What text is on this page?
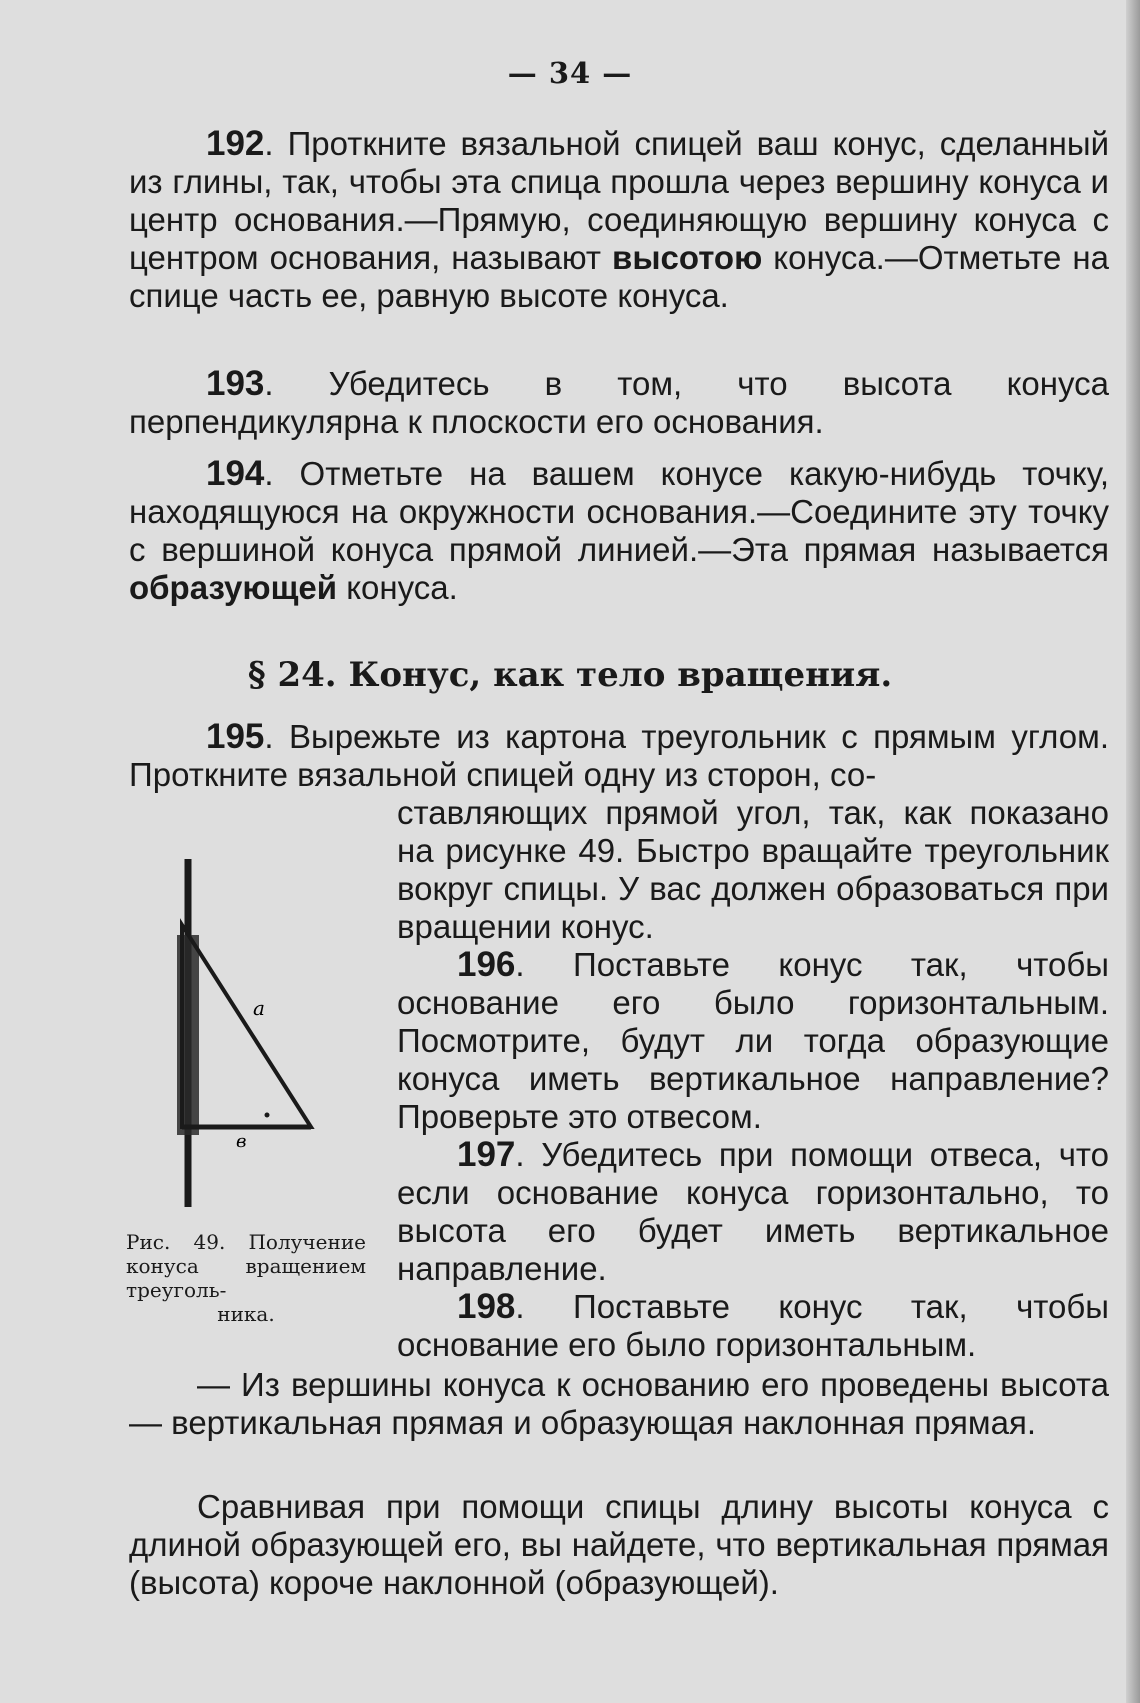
— 34 —

192. Проткните вязальной спицей ваш конус, сделанный из глины, так, чтобы эта спица прошла через вершину конуса и центр основания.—Прямую, соединяющую вершину конуса с центром основания, называют высотою конуса.—Отметьте на спице часть ее, равную высоте конуса.

193. Убедитесь в том, что высота конуса перпендикулярна к плоскости его основания.

194. Отметьте на вашем конусе какую-нибудь точку, находящуюся на окружности основания.—Соедините эту точку с вершиной конуса прямой линией.—Эта прямая называется образующей конуса.

§ 24. Конус, как тело вращения.

195. Вырежьте из картона треугольник с прямым углом. Проткните вязальной спицей одну из сторон, со-

a
в
Рис. 49. Получение конуса вращением треуголь-

ника.

ставляющих прямой угол, так, как показано на рисунке 49. Быстро вращайте треугольник вокруг спицы. У вас должен образоваться при вращении конус.

196. Поставьте конус так, чтобы основание его было горизонтальным. Посмотрите, будут ли тогда образующие конуса иметь вертикальное направление? Проверьте это отвесом.

197. Убедитесь при помощи отвеса, что если основание конуса горизонтально, то высота его будет иметь вертикальное направление.

198. Поставьте конус так, чтобы основание его было горизонтальным.

— Из вершины конуса к основанию его проведены высота — вертикальная прямая и образующая наклонная прямая.

Сравнивая при помощи спицы длину высоты конуса с длиной образующей его, вы найдете, что вертикальная прямая (высота) короче наклонной (образующей).
